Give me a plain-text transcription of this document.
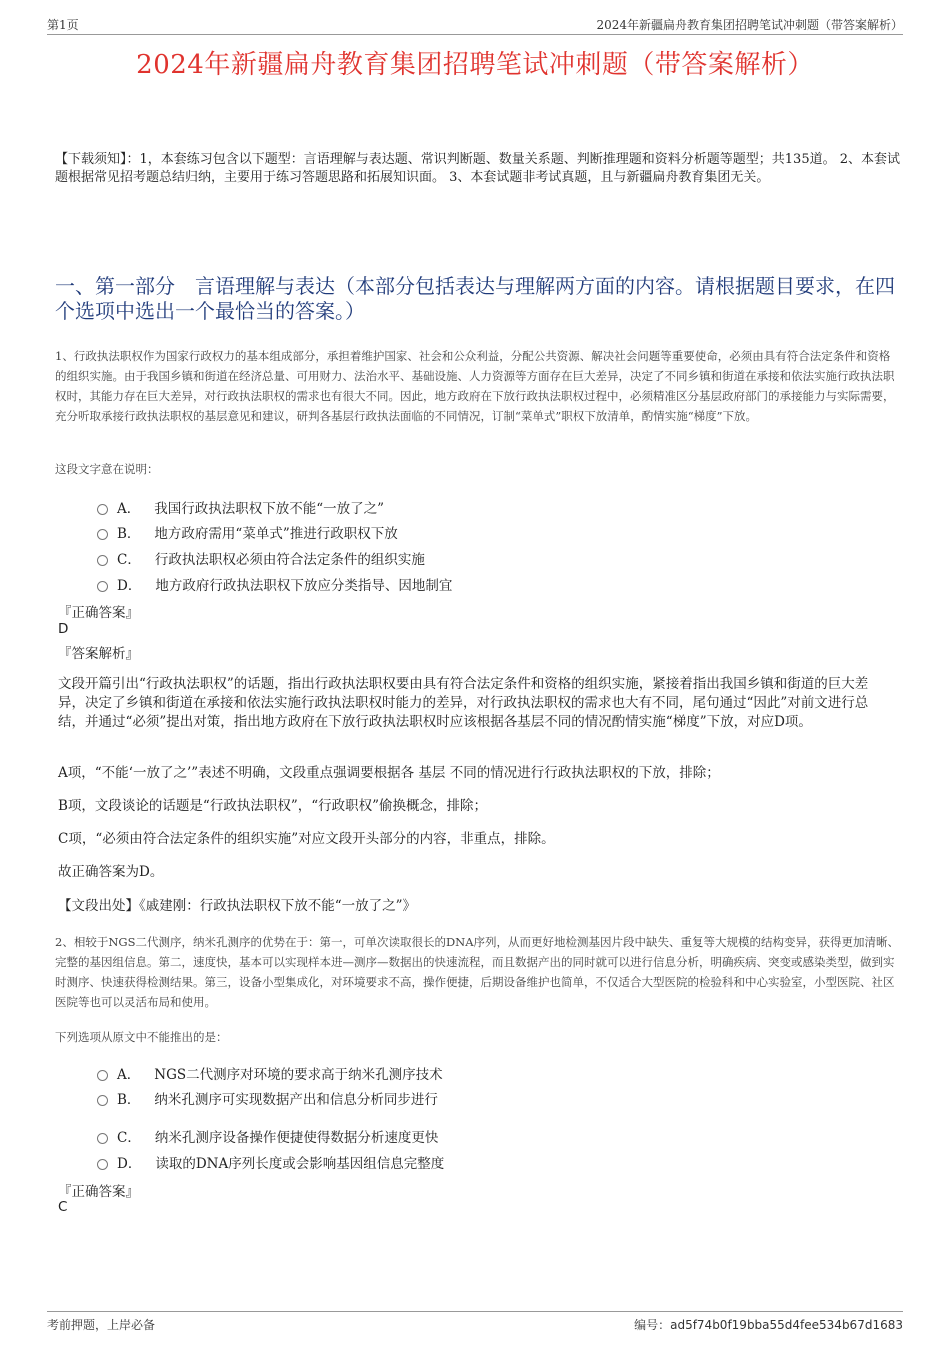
第1页	2024年新疆扁舟教育集团招聘笔试冲刺题（带答案解析）
2024年新疆扁舟教育集团招聘笔试冲刺题（带答案解析）
【下载须知】：1，本套练习包含以下题型：言语理解与表达题、常识判断题、数量关系题、判断推理题和资料分析题等题型；共135道。 2、本套试题根据常见招考题总结归纳，主要用于练习答题思路和拓展知识面。 3、本套试题非考试真题，且与新疆扁舟教育集团无关。
一、第一部分　言语理解与表达（本部分包括表达与理解两方面的内容。请根据题目要求，在四个选项中选出一个最恰当的答案。）
1、行政执法职权作为国家行政权力的基本组成部分，承担着维护国家、社会和公众利益，分配公共资源、解决社会问题等重要使命，必须由具有符合法定条件和资格的组织实施。由于我国乡镇和街道在经济总量、可用财力、法治水平、基础设施、人力资源等方面存在巨大差异，决定了不同乡镇和街道在承接和依法实施行政执法职权时，其能力存在巨大差异，对行政执法职权的需求也有很大不同。因此，地方政府在下放行政执法职权过程中，必须精准区分基层政府部门的承接能力与实际需要，充分听取承接行政执法职权的基层意见和建议，研判各基层行政执法面临的不同情况，订制“菜单式”职权下放清单，酌情实施“梯度”下放。
这段文字意在说明：
A． 我国行政执法职权下放不能“一放了之”
B． 地方政府需用“菜单式”推进行政职权下放
C． 行政执法职权必须由符合法定条件的组织实施
D． 地方政府行政执法职权下放应分类指导、因地制宜
『正确答案』
D
『答案解析』
文段开篇引出“行政执法职权”的话题，指出行政执法职权要由具有符合法定条件和资格的组织实施，紧接着指出我国乡镇和街道的巨大差异，决定了乡镇和街道在承接和依法实施行政执法职权时能力的差异，对行政执法职权的需求也大有不同，尾句通过“因此”对前文进行总结，并通过“必须”提出对策，指出地方政府在下放行政执法职权时应该根据各基层不同的情况酌情实施“梯度”下放，对应D项。
A项，“不能‘一放了之’”表述不明确，文段重点强调要根据各 基层 不同的情况进行行政执法职权的下放，排除；
B项，文段谈论的话题是“行政执法职权”，“行政职权”偷换概念，排除；
C项，“必须由符合法定条件的组织实施”对应文段开头部分的内容，非重点，排除。
故正确答案为D。
【文段出处】《戚建刚：行政执法职权下放不能“一放了之”》
2、相较于NGS二代测序，纳米孔测序的优势在于：第一，可单次读取很长的DNA序列，从而更好地检测基因片段中缺失、重复等大规模的结构变异，获得更加清晰、完整的基因组信息。第二，速度快，基本可以实现样本进—测序—数据出的快速流程，而且数据产出的同时就可以进行信息分析，明确疾病、突变或感染类型，做到实时测序、快速获得检测结果。第三，设备小型集成化，对环境要求不高，操作便捷，后期设备维护也简单，不仅适合大型医院的检验科和中心实验室，小型医院、社区医院等也可以灵活布局和使用。
下列选项从原文中不能推出的是：
A． NGS二代测序对环境的要求高于纳米孔测序技术
B． 纳米孔测序可实现数据产出和信息分析同步进行
C． 纳米孔测序设备操作便捷使得数据分析速度更快
D． 读取的DNA序列长度或会影响基因组信息完整度
『正确答案』
C
考前押题，上岸必备	编号：ad5f74b0f19bba55d4fee534b67d1683
